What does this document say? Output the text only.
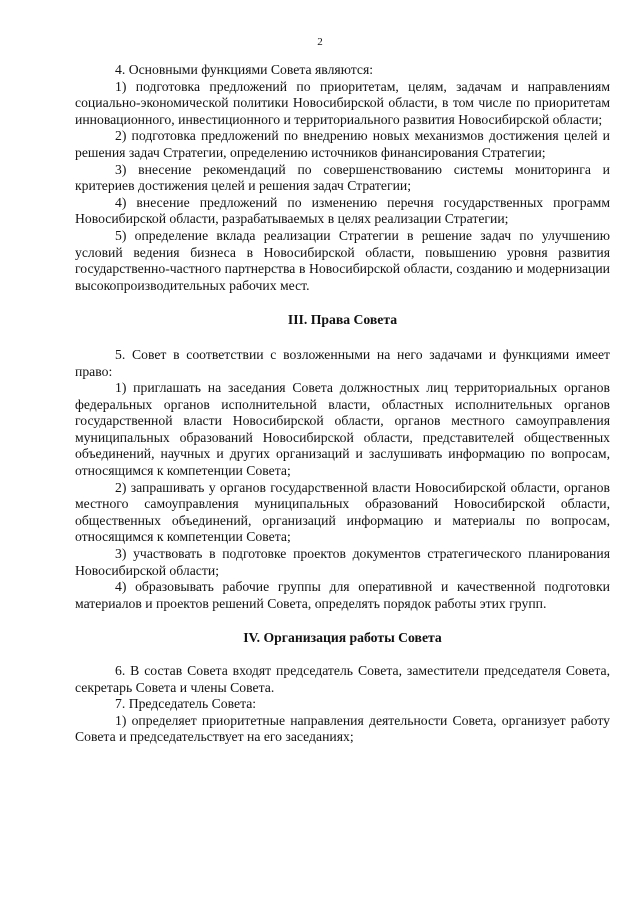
2

4. Основными функциями Совета являются:

1) подготовка предложений по приоритетам, целям, задачам и направлениям социально-экономической политики Новосибирской области, в том числе по приоритетам инновационного, инвестиционного и территориального развития Новосибирской области;

2) подготовка предложений по внедрению новых механизмов достижения целей и решения задач Стратегии, определению источников финансирования Стратегии;

3) внесение рекомендаций по совершенствованию системы мониторинга и критериев достижения целей и решения задач Стратегии;

4) внесение предложений по изменению перечня государственных программ Новосибирской области, разрабатываемых в целях реализации Стратегии;

5) определение вклада реализации Стратегии в решение задач по улучшению условий ведения бизнеса в Новосибирской области, повышению уровня развития государственно-частного партнерства в Новосибирской области, созданию и модернизации высокопроизводительных рабочих мест.

III. Права Совета

5. Совет в соответствии с возложенными на него задачами и функциями имеет право:

1) приглашать на заседания Совета должностных лиц территориальных органов федеральных органов исполнительной власти, областных исполнительных органов государственной власти Новосибирской области, органов местного самоуправления муниципальных образований Новосибирской области, представителей общественных объединений, научных и других организаций и заслушивать информацию по вопросам, относящимся к компетенции Совета;

2) запрашивать у органов государственной власти Новосибирской области, органов местного самоуправления муниципальных образований Новосибирской области, общественных объединений, организаций информацию и материалы по вопросам, относящимся к компетенции Совета;

3) участвовать в подготовке проектов документов стратегического планирования Новосибирской области;

4) образовывать рабочие группы для оперативной и качественной подготовки материалов и проектов решений Совета, определять порядок работы этих групп.

IV. Организация работы Совета

6. В состав Совета входят председатель Совета, заместители председателя Совета, секретарь Совета и члены Совета.

7. Председатель Совета:

1) определяет приоритетные направления деятельности Совета, организует работу Совета и председательствует на его заседаниях;
